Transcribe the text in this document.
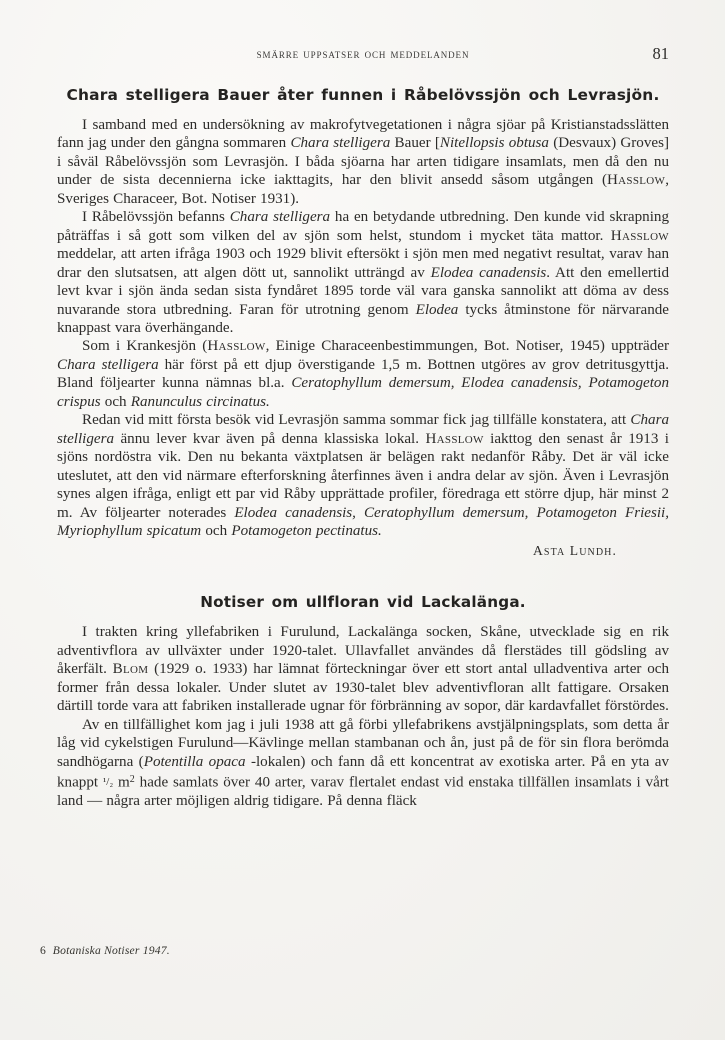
smärre uppsatser och meddelanden	81
Chara stelligera Bauer åter funnen i Råbelövssjön och Levrasjön.

I samband med en undersökning av makrofytvegetationen i några sjöar på Kristianstadsslätten fann jag under den gångna sommaren Chara stelligera Bauer [Nitellopsis obtusa (Desvaux) Groves] i såväl Råbelövssjön som Levrasjön. I båda sjöarna har arten tidigare insamlats, men då den nu under de sista decennierna icke iakttagits, har den blivit ansedd såsom utgången (Hasslow, Sveriges Characeer, Bot. Notiser 1931).

I Råbelövssjön befanns Chara stelligera ha en betydande utbredning. Den kunde vid skrapning påträffas i så gott som vilken del av sjön som helst, stundom i mycket täta mattor. Hasslow meddelar, att arten ifråga 1903 och 1929 blivit eftersökt i sjön men med negativt resultat, varav han drar den slutsatsen, att algen dött ut, sannolikt utträngd av Elodea canadensis. Att den emellertid levt kvar i sjön ända sedan sista fyndåret 1895 torde väl vara ganska sannolikt att döma av dess nuvarande stora utbredning. Faran för utrotning genom Elodea tycks åtminstone för närvarande knappast vara överhängande.

Som i Krankesjön (Hasslow, Einige Characeenbestimmungen, Bot. Notiser, 1945) uppträder Chara stelligera här först på ett djup överstigande 1,5 m. Bottnen utgöres av grov detritusgyttja. Bland följearter kunna nämnas bl.a. Ceratophyllum demersum, Elodea canadensis, Potamogeton crispus och Ranunculus circinatus.

Redan vid mitt första besök vid Levrasjön samma sommar fick jag tillfälle konstatera, att Chara stelligera ännu lever kvar även på denna klassiska lokal. Hasslow iakttog den senast år 1913 i sjöns nordöstra vik. Den nu bekanta växtplatsen är belägen rakt nedanför Råby. Det är väl icke uteslutet, att den vid närmare efterforskning återfinnes även i andra delar av sjön. Även i Levrasjön synes algen ifråga, enligt ett par vid Råby upprättade profiler, föredraga ett större djup, här minst 2 m. Av följearter noterades Elodea canadensis, Ceratophyllum demersum, Potamogeton Friesii, Myriophyllum spicatum och Potamogeton pectinatus.

Asta Lundh.
Notiser om ullfloran vid Lackalänga.

I trakten kring yllefabriken i Furulund, Lackalänga socken, Skåne, utvecklade sig en rik adventivflora av ullväxter under 1920-talet. Ullavfallet användes då flerstädes till gödsling av åkerfält. Blom (1929 o. 1933) har lämnat förteckningar över ett stort antal ulladventiva arter och former från dessa lokaler. Under slutet av 1930-talet blev adventivfloran allt fattigare. Orsaken därtill torde vara att fabriken installerade ugnar för förbränning av sopor, där kardavfallet förstördes.

Av en tillfällighet kom jag i juli 1938 att gå förbi yllefabrikens avstjälpningsplats, som detta år låg vid cykelstigen Furulund—Kävlinge mellan stambanan och ån, just på de för sin flora berömda sandhögarna (Potentilla opaca -lokalen) och fann då ett koncentrat av exotiska arter. På en yta av knappt ¹/₂ $m^2$ hade samlats över 40 arter, varav flertalet endast vid enstaka tillfällen insamlats i vårt land — några arter möjligen aldrig tidigare. På denna fläck

6 Botaniska Notiser 1947.
